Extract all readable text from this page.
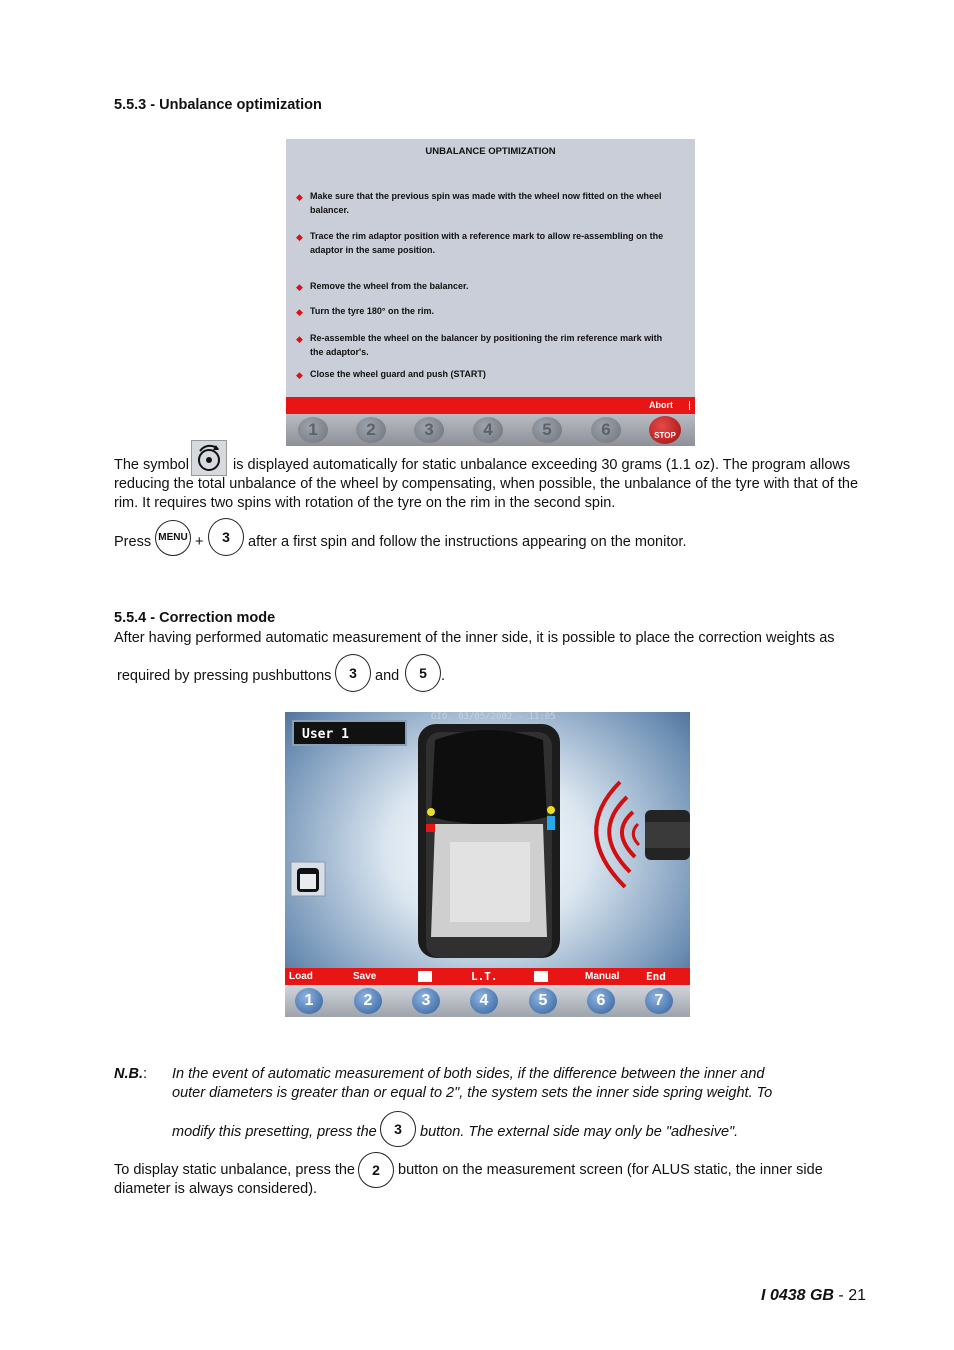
5.5.3 - Unbalance optimization
UNBALANCE OPTIMIZATION
◆ Make sure that the previous spin was made with the wheel now fitted on the wheel balancer.
◆ Trace the rim adaptor position with a reference mark to allow re-assembling on the adaptor in the same position.
◆ Remove the wheel from the balancer.
◆ Turn the tyre 180° on the rim.
◆ Re-assemble the wheel on the balancer by positioning the rim reference mark with the adaptor's.
◆ Close the wheel guard and push (START)
Abort
1	2	3	4	5	6	STOP
The symbol	is displayed automatically for static unbalance exceeding 30 grams (1.1 oz). The program allows
reducing the total unbalance of the wheel by compensating, when possible, the unbalance of the tyre with that of the
rim. It requires two spins with rotation of the tyre on the rim in the second spin.
Press MENU +	3	after a first spin and follow the instructions appearing on the monitor.
5.5.4 - Correction mode
After having performed automatic measurement of the inner side, it is possible to place the correction weights as
required by pressing pushbuttons	3	and	5 .
User 1
GIO. 03/05/2002 - 11:05
Load	Save	L.T.	Manual End
1	2	3	4	5	6	7
N.B.: In the event of automatic measurement of both sides, if the difference between the inner and
outer diameters is greater than or equal to 2", the system sets the inner side spring weight. To
modify this presetting, press the	3	button. The external side may only be "adhesive".
To display static unbalance, press the	2	button on the measurement screen (for ALUS static, the inner side
diameter is always considered).
I 0438 GB - 21
